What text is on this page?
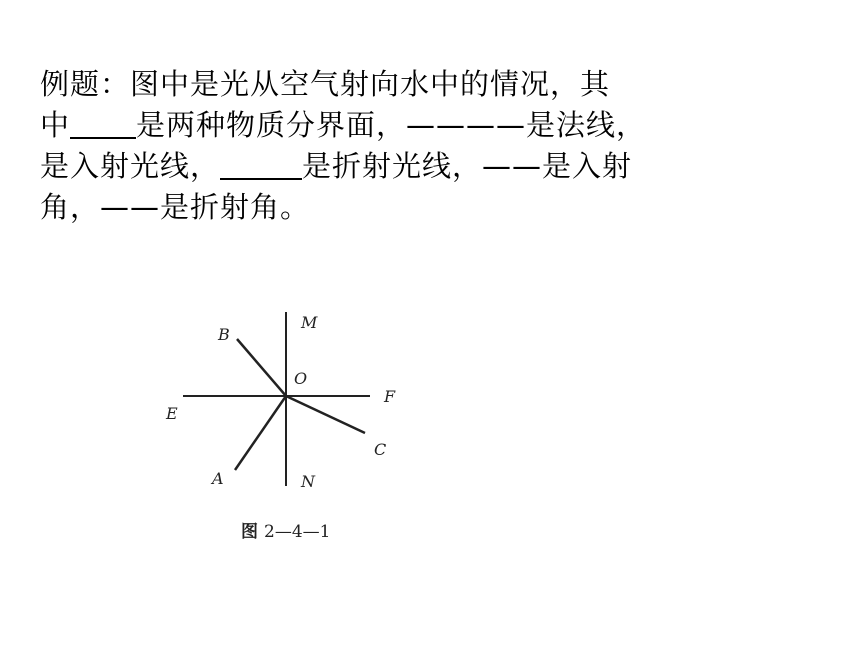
例题：图中是光从空气射向水中的情况，其
中 是两种物质分界面，————是法线，
是入射光线，	是折射光线，——是入射
角，——是折射角。
B
M
O
F
E
C
A	N
图 2—4—1
